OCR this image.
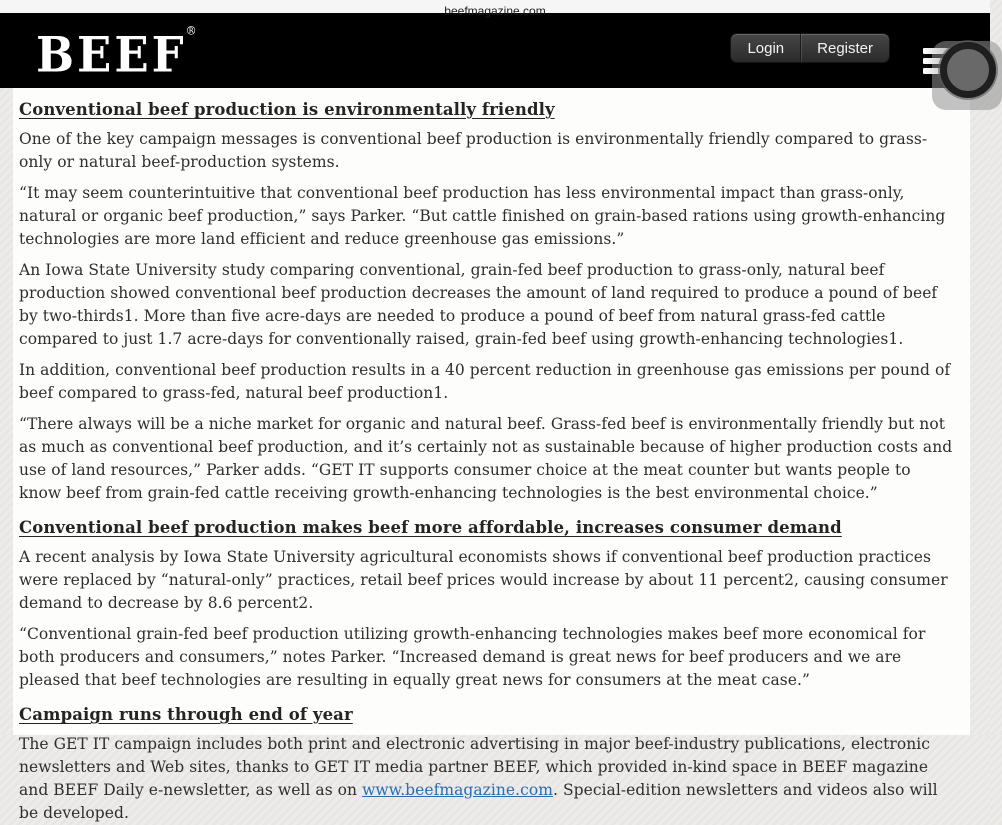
beefmagazine.com
BEEF®
Login	Register
Conventional beef production is environmentally friendly

One of the key campaign messages is conventional beef production is environmentally friendly compared to grass-only or natural beef-production systems.

“It may seem counterintuitive that conventional beef production has less environmental impact than grass-only, natural or organic beef production,” says Parker. “But cattle finished on grain-based rations using growth-enhancing technologies are more land efficient and reduce greenhouse gas emissions.”

An Iowa State University study comparing conventional, grain-fed beef production to grass-only, natural beef production showed conventional beef production decreases the amount of land required to produce a pound of beef by two-thirds1. More than five acre-days are needed to produce a pound of beef from natural grass-fed cattle compared to just 1.7 acre-days for conventionally raised, grain-fed beef using growth-enhancing technologies1.

In addition, conventional beef production results in a 40 percent reduction in greenhouse gas emissions per pound of beef compared to grass-fed, natural beef production1.

“There always will be a niche market for organic and natural beef. Grass-fed beef is environmentally friendly but not as much as conventional beef production, and it’s certainly not as sustainable because of higher production costs and use of land resources,” Parker adds. “GET IT supports consumer choice at the meat counter but wants people to know beef from grain-fed cattle receiving growth-enhancing technologies is the best environmental choice.”

Conventional beef production makes beef more affordable, increases consumer demand

A recent analysis by Iowa State University agricultural economists shows if conventional beef production practices were replaced by “natural-only” practices, retail beef prices would increase by about 11 percent2, causing consumer demand to decrease by 8.6 percent2.

“Conventional grain-fed beef production utilizing growth-enhancing technologies makes beef more economical for both producers and consumers,” notes Parker. “Increased demand is great news for beef producers and we are pleased that beef technologies are resulting in equally great news for consumers at the meat case.”

Campaign runs through end of year

The GET IT campaign includes both print and electronic advertising in major beef-industry publications, electronic newsletters and Web sites, thanks to GET IT media partner BEEF, which provided in-kind space in BEEF magazine and BEEF Daily e-newsletter, as well as on www.beefmagazine.com. Special-edition newsletters and videos also will be developed.
